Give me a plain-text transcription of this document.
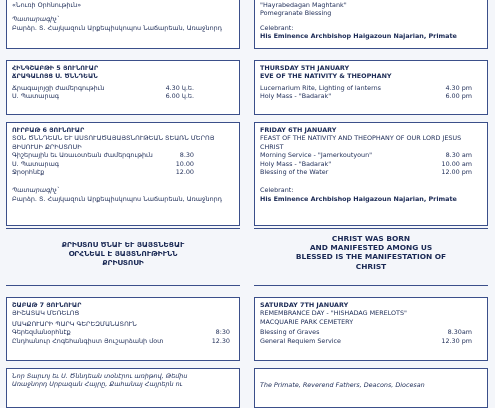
«Նուռի Օրհնութիւն»
Պատարագիչ՝
Բարձր. Տ. Հայկազուն Արքեպիսկոպոս Նաճարեան, Առաջնորդ
ՀԻՆԳՇԱԲԹԻ 5 ՅՈՒՆՈՒԱՐ
ՃՐԱԳԱԼՈՅՑ Ս. ԾՆՆԴԵԱՆ
Ճրագալոյցի ժամերգութիւն	4.30 կ.ե.
Ս. Պատարագ	6.00 կ.ե.
ՈՒՐԲԱԹ 6 ՅՈՒՆՈՒԱՐ
ՏՕՆ ԾՆՆԴԵԱՆ ԵՒ ԱՍՏՈՒԱԾԱՅԱՅՏՆՈՒԹԵԱՆ ՏԵԱՌՆ ՄԵՐՈՅ ՅԻՍՈՒՍԻ ՔՐԻՍՏՈՍԻ
Գիշերային եւ Առաւօտեան ժամերգութիւն	8.30
Ս. Պատարագ	10.00
Ջրօրհնէք	12.00
Պատարագիչ՝
Բարձր. Տ. Հայկազուն Արքեպիսկոպոս Նաճարեան, Առաջնորդ
ՔՐԻՍՏՈՍ ԾՆԱՒ ԵՒ ՅԱՅՏՆԵՑԱՒ
ՕՐՀՆԵԱԼ Է ՅԱՅՏՆՈՒԹԻՒՆՆ
ՔՐԻՍՏՈՍԻ
ՇԱԲԱԹ 7 ՅՈՒՆՈՒԱՐ
ՅԻՇԱՏԱԿ ՄԵՌԵԼՈՑ
ՄԱԿՔՈՒԱՐԻ ՊԱՐԿ ԳԵՐԵԶՄԱՆԱՏՈՒՆ
Գերեզմանօրհնէք	8:30
Ընդհանուր Հոգեհանգիստ Յուշարձանի մօտ	12.30
Նոր Տարւոյ եւ Ս. Ծննդեան տօնէրու առիթով, Թեմիս
Առաջնորդ Սրբազան Հայրը, Քահանայ Հայրերն ու
"Hayrabedagan Maghtank"
Pomegranate Blessing
Celebrant:
His Eminence Archbishop Haigazoun Najarian, Primate
THURSDAY 5TH JANUARY
EVE OF THE NATIVITY & THEOPHANY
Lucernarium Rite, Lighting of lanterns	4.30 pm
Holy Mass - "Badarak"	6.00 pm
FRIDAY 6TH JANUARY
FEAST OF THE NATIVITY AND THEOPHANY OF OUR LORD JESUS CHRIST
Morning Service - "Jamerkoutyoun"	8.30 am
Holy Mass - "Badarak"	10.00 am
Blessing of the Water	12.00 pm
Celebrant:
His Eminence Archbishop Haigazoun Najarian, Primate
CHRIST WAS BORN
AND MANIFESTED AMONG US
BLESSED IS THE MANIFESTATION OF
CHRIST
SATURDAY 7TH JANUARY
REMEMBRANCE DAY - "HISHADAG MERELOTS"
MACQUARIE PARK CEMETERY
Blessing of Graves	8.30am
General Requiem Service	12.30 pm
The Primate, Reverend Fathers, Deacons, Diocesan
